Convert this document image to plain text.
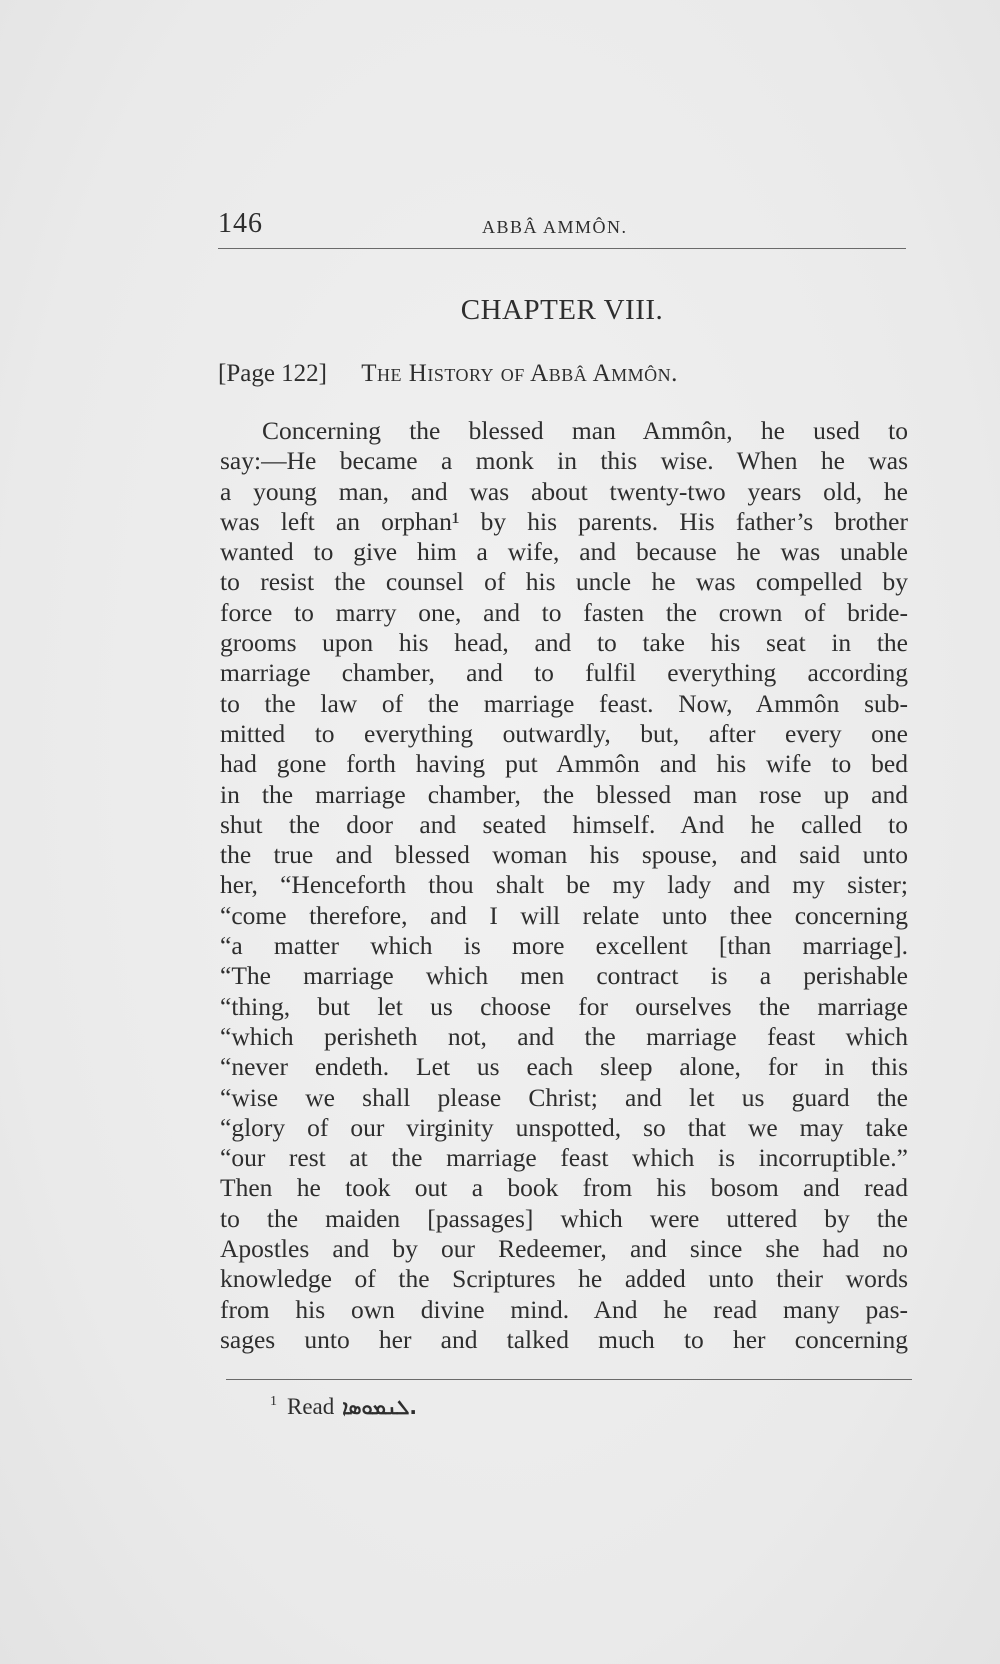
146	ABBÂ AMMÔN.
CHAPTER VIII.
[Page 122] The History of Abbâ Ammôn.
Concerning the blessed man Ammôn, he used to
say:—He became a monk in this wise. When he was
a young man, and was about twenty-two years old, he
was left an orphan¹ by his parents. His father’s brother
wanted to give him a wife, and because he was unable
to resist the counsel of his uncle he was compelled by
force to marry one, and to fasten the crown of bride-
grooms upon his head, and to take his seat in the
marriage chamber, and to fulfil everything according
to the law of the marriage feast. Now, Ammôn sub-
mitted to everything outwardly, but, after every one
had gone forth having put Ammôn and his wife to bed
in the marriage chamber, the blessed man rose up and
shut the door and seated himself. And he called to
the true and blessed woman his spouse, and said unto
her, “Henceforth thou shalt be my lady and my sister;
“come therefore, and I will relate unto thee concerning
“a matter which is more excellent [than marriage].
“The marriage which men contract is a perishable
“thing, but let us choose for ourselves the marriage
“which perisheth not, and the marriage feast which
“never endeth. Let us each sleep alone, for in this
“wise we shall please Christ; and let us guard the
“glory of our virginity unspotted, so that we may take
“our rest at the marriage feast which is incorruptible.”
Then he took out a book from his bosom and read
to the maiden [passages] which were uttered by the
Apostles and by our Redeemer, and since she had no
knowledge of the Scriptures he added unto their words
from his own divine mind. And he read many pas-
sages unto her and talked much to her concerning
$^1$ Read ܠܢܡܘܣܐ.
